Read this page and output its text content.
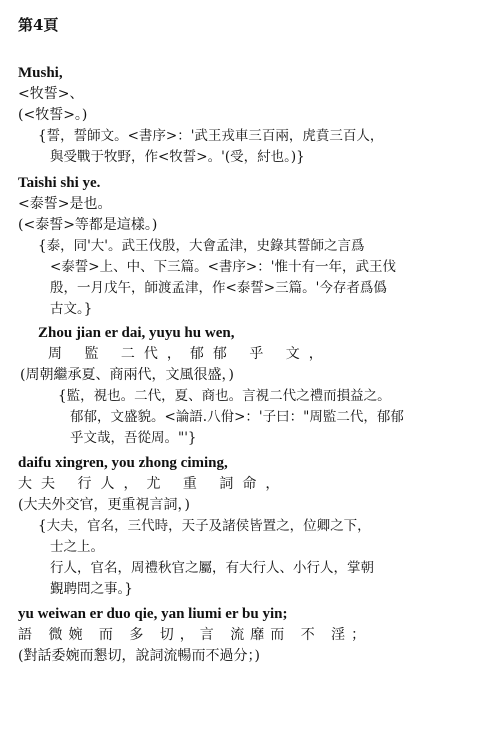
第4頁
Mushi,
<牧誓>、
(<牧誓>。)
{誓，誓師文。<書序>：'武王戎車三百兩，虎賁三百人，
與受戰于牧野，作<牧誓>。'(受，紂也。)}
Taishi shi ye.
<泰誓>是也。
(<泰誓>等都是這樣。)
{泰，同'大'。武王伐殷，大會孟津，史錄其誓師之言爲
<泰誓>上、中、下三篇。<書序>：'惟十有一年，武王伐
殷，一月戊午，師渡孟津，作<泰誓>三篇。'今存者爲僞
古文。}
Zhou jian er dai, yuyu hu wen,
周 監 二代，郁郁 乎 文，
(周朝繼承夏、商兩代，文風很盛，)
{監，視也。二代，夏、商也。言視二代之禮而損益之。
郁郁，文盛貌。<論語.八佾>：'子曰："周監二代，郁郁
乎文哉，吾從周。"'}
daifu xingren, you zhong ciming,
大夫 行人，尤 重 詞命，
(大夫外交官，更重視言詞，)
{大夫，官名，三代時，天子及諸侯皆置之，位卿之下，
士之上。
行人，官名，周禮秋官之屬，有大行人、小行人，掌朝
覲聘問之事。}
yu weiwan er duo qie, yan liumi er bu yin;
語 微婉 而 多 切，言 流靡而 不 淫；
(對話委婉而懇切，說詞流暢而不過分；)
